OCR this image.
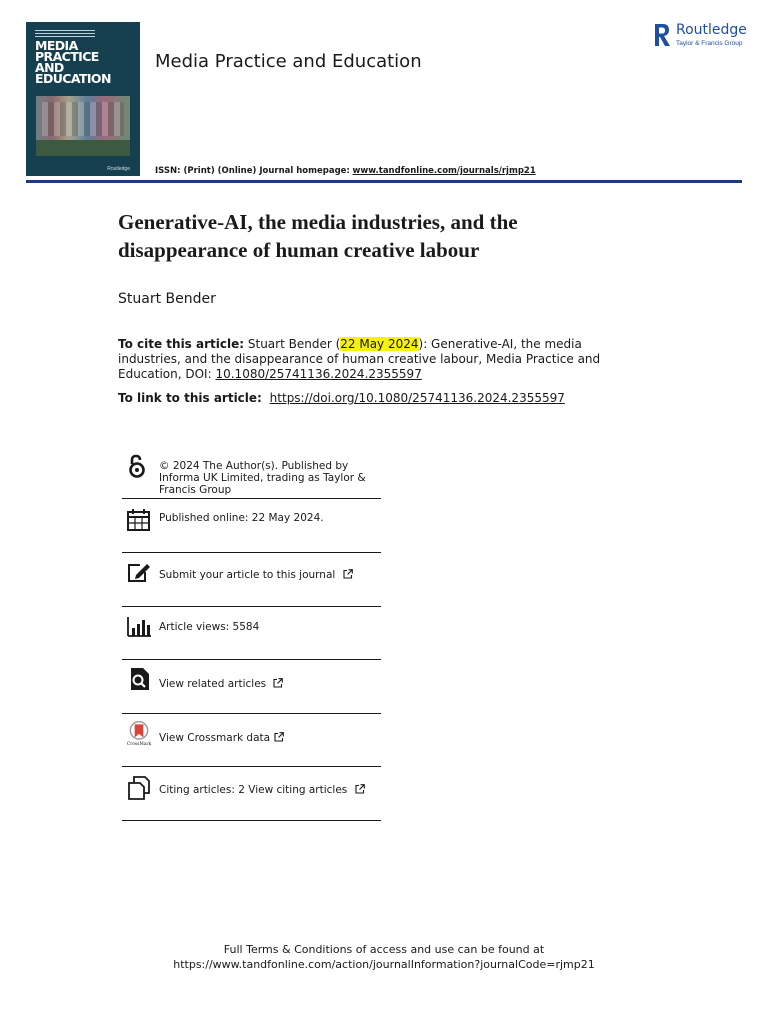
MEDIA
PRACTICE
AND
EDUCATION
Routledge
Media Practice and Education
ISSN: (Print) (Online) Journal homepage: www.tandfonline.com/journals/rjmp21
Routledge
Taylor & Francis Group
Generative-AI, the media industries, and the
disappearance of human creative labour
Stuart Bender
To cite this article: Stuart Bender (22 May 2024): Generative-AI, the media industries, and the disappearance of human creative labour, Media Practice and Education, DOI: 10.1080/25741136.2024.2355597
To link to this article: https://doi.org/10.1080/25741136.2024.2355597
© 2024 The Author(s). Published by Informa UK Limited, trading as Taylor & Francis Group
Published online: 22 May 2024.
Submit your article to this journal
Article views: 5584
View related articles
CrossMark
View Crossmark data
Citing articles: 2 View citing articles
Full Terms & Conditions of access and use can be found at
https://www.tandfonline.com/action/journalInformation?journalCode=rjmp21
